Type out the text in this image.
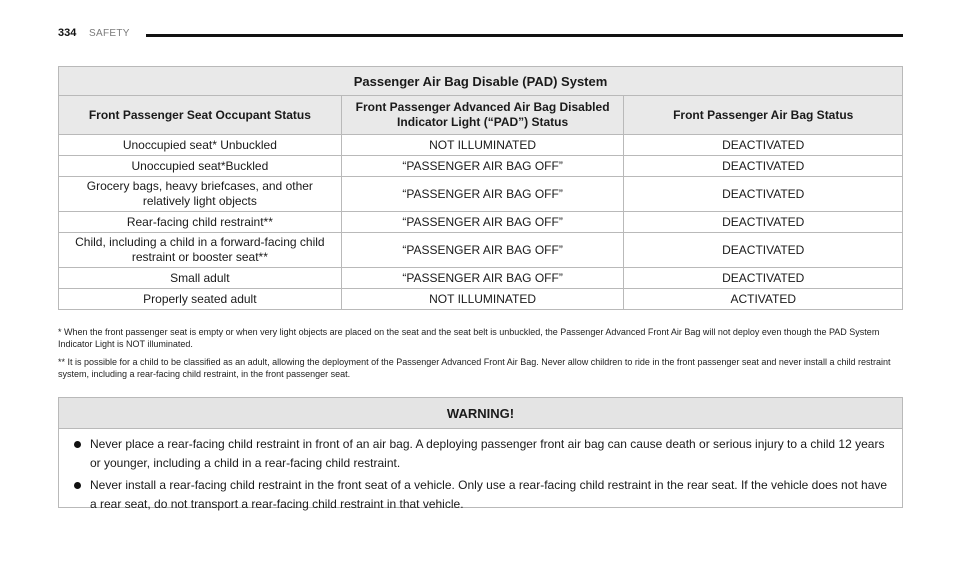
334 SAFETY
Passenger Air Bag Disable (PAD) System		
Front Passenger Seat Occupant Status	Front Passenger Advanced Air Bag Disabled Indicator Light (“PAD”) Status	Front Passenger Air Bag Status
Unoccupied seat* Unbuckled	NOT ILLUMINATED	DEACTIVATED
Unoccupied seat*Buckled	“PASSENGER AIR BAG OFF”	DEACTIVATED
Grocery bags, heavy briefcases, and other relatively light objects	“PASSENGER AIR BAG OFF”	DEACTIVATED
Rear-facing child restraint**	“PASSENGER AIR BAG OFF”	DEACTIVATED
Child, including a child in a forward-facing child restraint or booster seat**	“PASSENGER AIR BAG OFF”	DEACTIVATED
Small adult	“PASSENGER AIR BAG OFF”	DEACTIVATED
Properly seated adult	NOT ILLUMINATED	ACTIVATED

* When the front passenger seat is empty or when very light objects are placed on the seat and the seat belt is unbuckled, the Passenger Advanced Front Air Bag will not deploy even though the PAD System Indicator Light is NOT illuminated.

** It is possible for a child to be classified as an adult, allowing the deployment of the Passenger Advanced Front Air Bag. Never allow children to ride in the front passenger seat and never install a child restraint system, including a rear-facing child restraint, in the front passenger seat.

WARNING!
Never place a rear-facing child restraint in front of an air bag. A deploying passenger front air bag can cause death or serious injury to a child 12 years or younger, including a child in a rear-facing child restraint.
Never install a rear-facing child restraint in the front seat of a vehicle. Only use a rear-facing child restraint in the rear seat. If the vehicle does not have a rear seat, do not transport a rear-facing child restraint in that vehicle.
